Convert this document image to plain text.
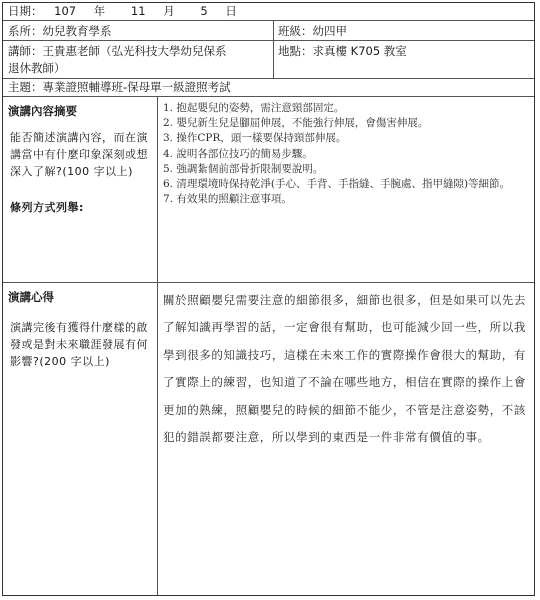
日期： 107 年 11 月 5 日
系所：幼兒教育學系	班級：幼四甲
講師：王貴惠老師（弘光科技大學幼兒保系
退休教師）
地點：求真樓 K705 教室
主題：專業證照輔導班-保母單一級證照考試
演講內容摘要
能否簡述演講內容，而在演講當中有什麼印象深刻或想深入了解?(100 字以上)
條列方式列舉:
1. 抱起嬰兒的姿勢，需注意頸部固定。
2. 嬰兒新生兒是腳屈伸展，不能強行伸展，會傷害伸展。
3. 操作CPR，頭一樣要保持頸部伸展。
4. 說明各部位技巧的簡易步驟。
5. 強調紮個前部骨折限制要說明。
6. 清理環境時保持乾淨(手心、手背、手指縫、手腕處、指甲縫隙)等細節。
7. 有效果的照顧注意事項。
演講心得
演講完後有獲得什麼樣的啟發或是對未來職涯發展有何影響?(200 字以上)
關於照顧嬰兒需要注意的細節很多，細節也很多，但是如果可以先去了解知識再學習的話，一定會很有幫助，也可能減少回一些，所以我學到很多的知識技巧，這樣在未來工作的實際操作會很大的幫助，有了實際上的練習，也知道了不論在哪些地方，相信在實際的操作上會更加的熟練，照顧嬰兒的時候的細節不能少，不管是注意姿勢，不該犯的錯誤都要注意，所以學到的東西是一件非常有價值的事。
